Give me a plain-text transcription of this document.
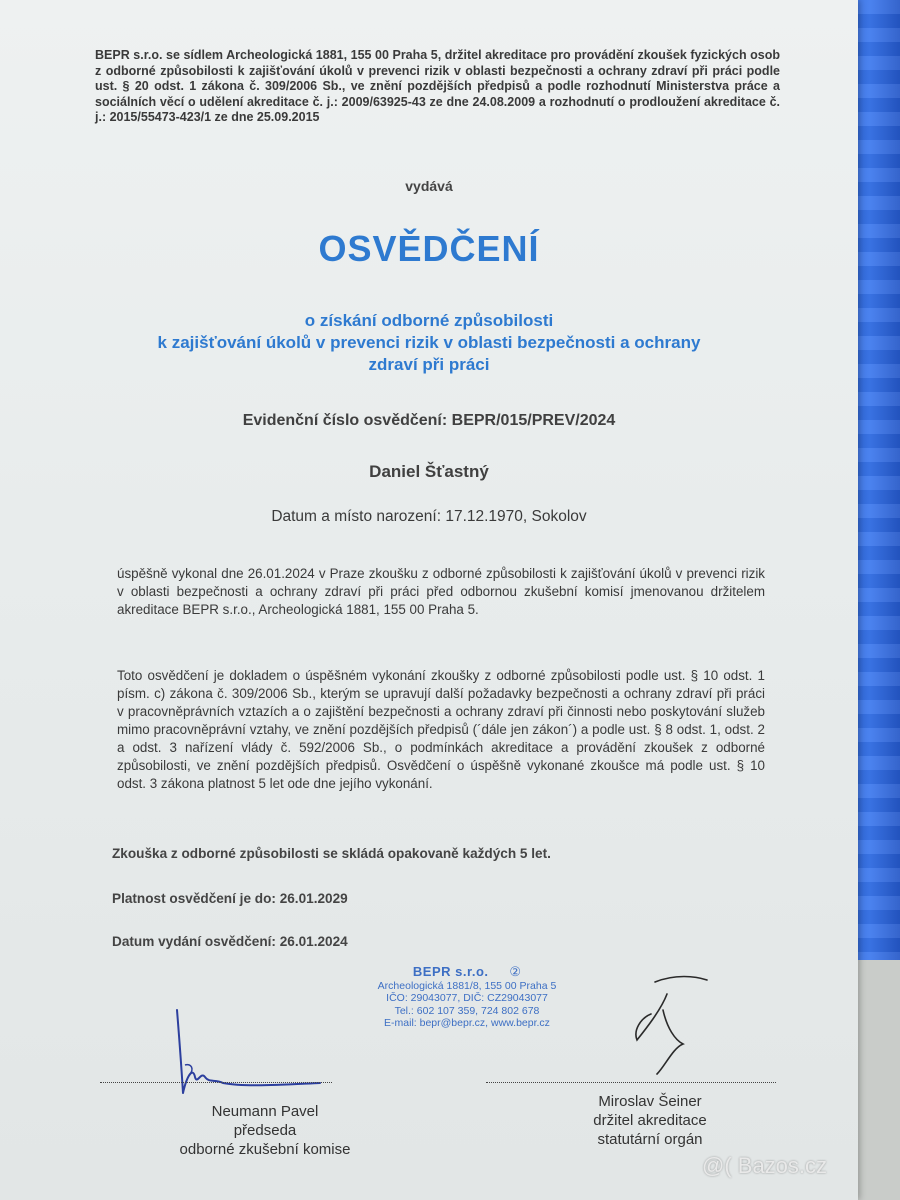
BEPR s.r.o. se sídlem Archeologická 1881, 155 00 Praha 5, držitel akreditace pro provádění zkoušek fyzických osob z odborné způsobilosti k zajišťování úkolů v prevenci rizik v oblasti bezpečnosti a ochrany zdraví při práci podle ust. § 20 odst. 1 zákona č. 309/2006 Sb., ve znění pozdějších předpisů a podle rozhodnutí Ministerstva práce a sociálních věcí o udělení akreditace č. j.: 2009/63925-43 ze dne 24.08.2009 a rozhodnutí o prodloužení akreditace č. j.: 2015/55473-423/1 ze dne 25.09.2015
vydává
OSVĚDČENÍ
o získání odborné způsobilosti
k zajišťování úkolů v prevenci rizik v oblasti bezpečnosti a ochrany
zdraví při práci
Evidenční číslo osvědčení: BEPR/015/PREV/2024
Daniel Šťastný
Datum a místo narození: 17.12.1970, Sokolov
úspěšně vykonal dne 26.01.2024 v Praze zkoušku z odborné způsobilosti k zajišťování úkolů v prevenci rizik v oblasti bezpečnosti a ochrany zdraví při práci před odbornou zkušební komisí jmenovanou držitelem akreditace BEPR s.r.o., Archeologická 1881, 155 00 Praha 5.
Toto osvědčení je dokladem o úspěšném vykonání zkoušky z odborné způsobilosti podle ust. § 10 odst. 1 písm. c) zákona č. 309/2006 Sb., kterým se upravují další požadavky bezpečnosti a ochrany zdraví při práci v pracovněprávních vztazích a o zajištění bezpečnosti a ochrany zdraví při činnosti nebo poskytování služeb mimo pracovněprávní vztahy, ve znění pozdějších předpisů (´dále jen zákon´) a podle ust. § 8 odst. 1, odst. 2 a odst. 3 nařízení vlády č. 592/2006 Sb., o podmínkách akreditace a provádění zkoušek z odborné způsobilosti, ve znění pozdějších předpisů. Osvědčení o úspěšně vykonané zkoušce má podle ust. § 10 odst. 3 zákona platnost 5 let ode dne jejího vykonání.
Zkouška z odborné způsobilosti se skládá opakovaně každých 5 let.
Platnost osvědčení je do: 26.01.2029
Datum vydání osvědčení: 26.01.2024
BEPR s.r.o. ②
Archeologická 1881/8, 155 00 Praha 5
IČO: 29043077, DIČ: CZ29043077
Tel.: 602 107 359, 724 802 678
E-mail: bepr@bepr.cz, www.bepr.cz
Neumann Pavel
předseda
odborné zkušební komise
Miroslav Šeiner
držitel akreditace
statutární orgán
@( Bazos.cz
